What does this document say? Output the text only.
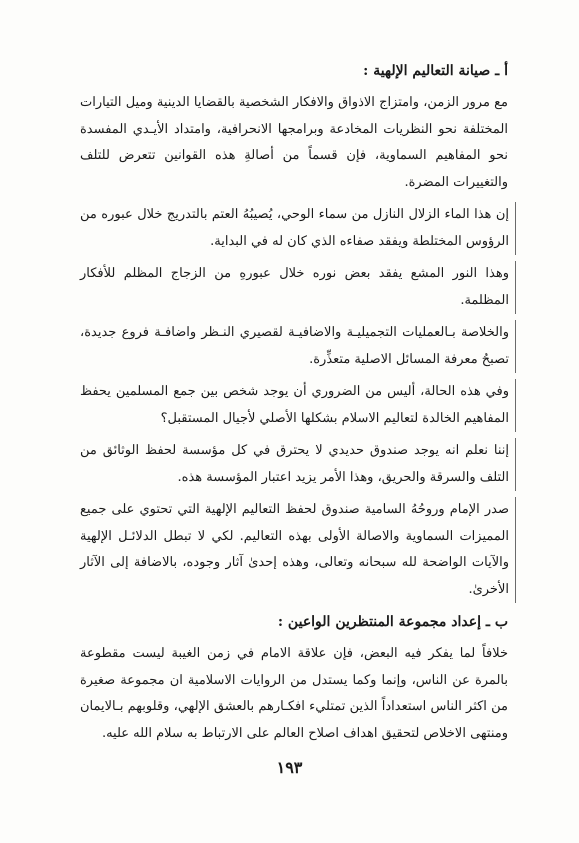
أ ـ صيانة التعاليم الإلهية :

مع مرور الزمن، وامتزاج الاذواق والافكار الشخصية بالقضايا الدينية وميل التيارات المختلفة نحو النظريات المخادعة وبرامجها الانحرافية، وامتداد الأيـدي المفسدة نحو المفاهيم السماوية، فإن قسماً من أصالةِ هذه القوانين تتعرض للتلف والتغييرات المضرة.

إن هذا الماء الزلال النازل من سماء الوحي، يُصيبُهُ العتم بالتدريج خلال عبوره من الرؤوس المختلطة ويفقد صفاءه الذي كان له في البداية.

وهذا النور المشع يفقد بعض نوره خلال عبورهِ من الزجاج المظلم للأفكار المظلمة.

والخلاصة بـالعمليات التجميليـة والاضافيـة لقصيري النـظر واضافـة فروع جديدة، تصبحُ معرفة المسائل الاصلية متعذِّرة.

وفي هذه الحالة، أليس من الضروري أن يوجد شخص بين جمع المسلمين يحفظ المفاهيم الخالدة لتعاليم الاسلام بشكلها الأصلي لأجيال المستقبل؟

إننا نعلم انه يوجد صندوق حديدي لا يحترق في كل مؤسسة لحفظ الوثائق من التلف والسرقة والحريق، وهذا الأمر يزيد اعتبار المؤسسة هذه.

صدر الإمام وروحُهُ السامية صندوق لحفظ التعاليم الإلهية التي تحتوي على جميع المميزات السماوية والاصالة الأولى بهذه التعاليم. لكي لا تبطل الدلائـل الإلهية والآيات الواضحة لله سبحانه وتعالى، وهذه إحدىٰ آثار وجوده، بالاضافة إلى الآثار الأخرىٰ.

ب ـ إعداد مجموعة المنتظرين الواعين :

خلافاً لما يفكر فيه البعض، فإن علاقة الامام في زمن الغيبة ليست مقطوعة بالمرة عن الناس، وإنما وكما يستدل من الروايات الاسلامية ان مجموعة صغيرة من اكثر الناس استعداداً الذين تمتليء افكـارهم بالعشق الإلهي، وقلوبهم بـالايمان ومنتهى الاخلاص لتحقيق اهداف اصلاح العالم على الارتباط به سلام الله عليه.

١٩٣
